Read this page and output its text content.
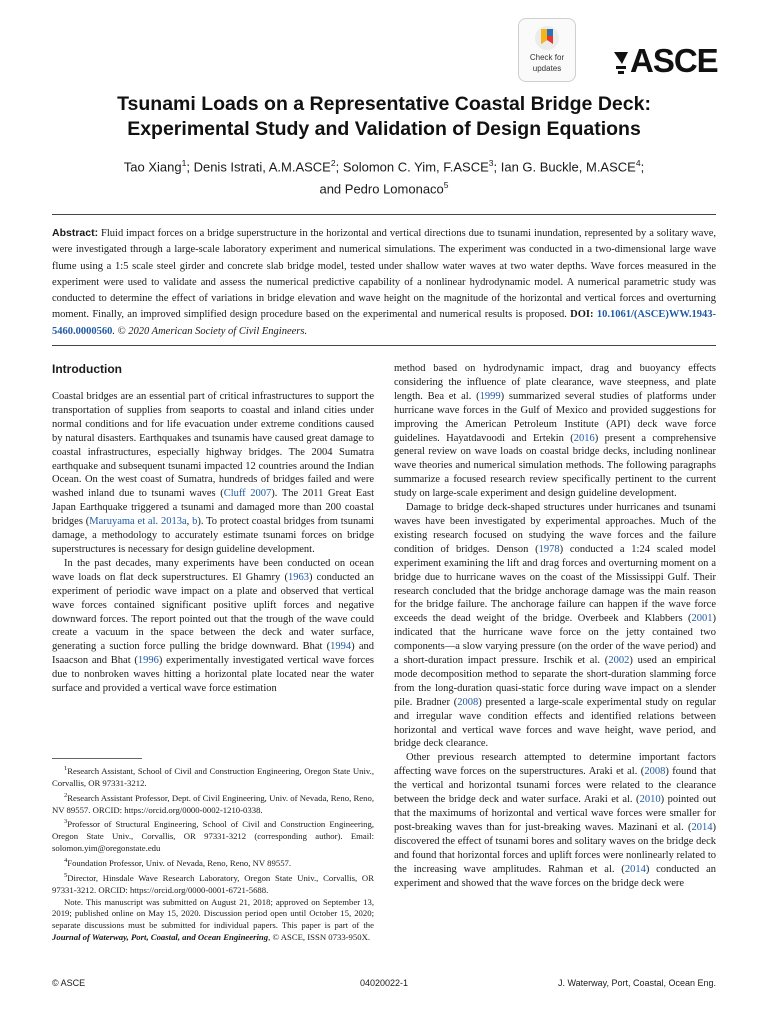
Check for
updates	ASCE
Tsunami Loads on a Representative Coastal Bridge Deck:
Experimental Study and Validation of Design Equations
Tao Xiang$^1$; Denis Istrati, A.M.ASCE$^2$; Solomon C. Yim, F.ASCE$^3$; Ian G. Buckle, M.ASCE$^4$;
and Pedro Lomonaco$^5$
Abstract: Fluid impact forces on a bridge superstructure in the horizontal and vertical directions due to tsunami inundation, represented by a solitary wave, were investigated through a large-scale laboratory experiment and numerical simulations. The experiment was conducted in a two-dimensional large wave flume using a 1:5 scale steel girder and concrete slab bridge model, tested under shallow water waves at two water depths. Wave forces measured in the experiment were used to validate and assess the numerical predictive capability of a nonlinear hydrodynamic model. A numerical parametric study was conducted to determine the effect of variations in bridge elevation and wave height on the magnitude of the horizontal and vertical forces and overturning moment. Finally, an improved simplified design procedure based on the experimental and numerical results is proposed. DOI: 10.1061/(ASCE)WW.1943-5460.0000560. © 2020 American Society of Civil Engineers.
Introduction

Coastal bridges are an essential part of critical infrastructures to support the transportation of supplies from seaports to coastal and inland cities under normal conditions and for life evacuation under extreme conditions caused by natural disasters. Earthquakes and tsunamis have caused great damage to coastal infrastructures, especially highway bridges. The 2004 Sumatra earthquake and subsequent tsunami impacted 12 countries around the Indian Ocean. On the west coast of Sumatra, hundreds of bridges failed and were washed inland due to tsunami waves (Cluff 2007). The 2011 Great East Japan Earthquake triggered a tsunami and damaged more than 200 coastal bridges (Maruyama et al. 2013a, b). To protect coastal bridges from tsunami damage, a methodology to accurately estimate tsunami forces on bridge superstructures is necessary for design guideline development.

In the past decades, many experiments have been conducted on ocean wave loads on flat deck superstructures. El Ghamry (1963) conducted an experiment of periodic wave impact on a plate and observed that vertical wave forces contained significant positive uplift forces and negative downward forces. The report pointed out that the trough of the wave could create a vacuum in the space between the deck and water surface, generating a suction force pulling the bridge downward. Bhat (1994) and Isaacson and Bhat (1996) experimentally investigated vertical wave forces due to nonbroken waves hitting a horizontal plate located near the water surface and provided a vertical wave force estimation

$^1$Research Assistant, School of Civil and Construction Engineering, Oregon State Univ., Corvallis, OR 97331-3212.

$^2$Research Assistant Professor, Dept. of Civil Engineering, Univ. of Nevada, Reno, Reno, NV 89557. ORCID: https://orcid.org/0000-0002-1210-0338.

$^3$Professor of Structural Engineering, School of Civil and Construction Engineering, Oregon State Univ., Corvallis, OR 97331-3212 (corresponding author). Email: solomon.yim@oregonstate.edu

$^4$Foundation Professor, Univ. of Nevada, Reno, Reno, NV 89557.

$^5$Director, Hinsdale Wave Research Laboratory, Oregon State Univ., Corvallis, OR 97331-3212. ORCID: https://orcid.org/0000-0001-6721-5688.

Note. This manuscript was submitted on August 21, 2018; approved on September 13, 2019; published online on May 15, 2020. Discussion period open until October 15, 2020; separate discussions must be submitted for individual papers. This paper is part of the Journal of Waterway, Port, Coastal, and Ocean Engineering, © ASCE, ISSN 0733-950X.

method based on hydrodynamic impact, drag and buoyancy effects considering the influence of plate clearance, wave steepness, and plate length. Bea et al. (1999) summarized several studies of platforms under hurricane wave forces in the Gulf of Mexico and provided suggestions for improving the American Petroleum Institute (API) deck wave force guidelines. Hayatdavoodi and Ertekin (2016) present a comprehensive general review on wave loads on coastal bridge decks, including nonlinear wave theories and numerical simulation methods. The following paragraphs summarize a focused research review specifically pertinent to the current study on large-scale experiment and design guideline development.

Damage to bridge deck-shaped structures under hurricanes and tsunami waves have been investigated by experimental approaches. Much of the existing research focused on studying the wave forces and the failure condition of bridges. Denson (1978) conducted a 1:24 scaled model experiment examining the lift and drag forces and overturning moment on a bridge due to hurricane waves on the coast of the Mississippi Gulf. Their research concluded that the bridge anchorage damage was the main reason for the bridge failure. The anchorage failure can happen if the wave force exceeds the dead weight of the bridge. Overbeek and Klabbers (2001) indicated that the hurricane wave force on the jetty contained two components—a slow varying pressure (on the order of the wave period) and a short-duration impact pressure. Irschik et al. (2002) used an empirical mode decomposition method to separate the short-duration slamming force from the long-duration quasi-static force during wave impact on a slender pile. Bradner (2008) presented a large-scale experimental study on regular and irregular wave condition effects and identified relations between horizontal and vertical wave forces and wave height, wave period, and bridge deck clearance.

Other previous research attempted to determine important factors affecting wave forces on the superstructures. Araki et al. (2008) found that the vertical and horizontal tsunami forces were related to the clearance between the bridge deck and water surface. Araki et al. (2010) pointed out that the maximums of horizontal and vertical wave forces were smaller for post-breaking waves than for just-breaking waves. Mazinani et al. (2014) discovered the effect of tsunami bores and solitary waves on the bridge deck and found that horizontal forces and uplift forces were nonlinearly related to the increasing wave amplitudes. Rahman et al. (2014) conducted an experiment and showed that the wave forces on the bridge deck were

© ASCE	04020022-1	J. Waterway, Port, Coastal, Ocean Eng.
